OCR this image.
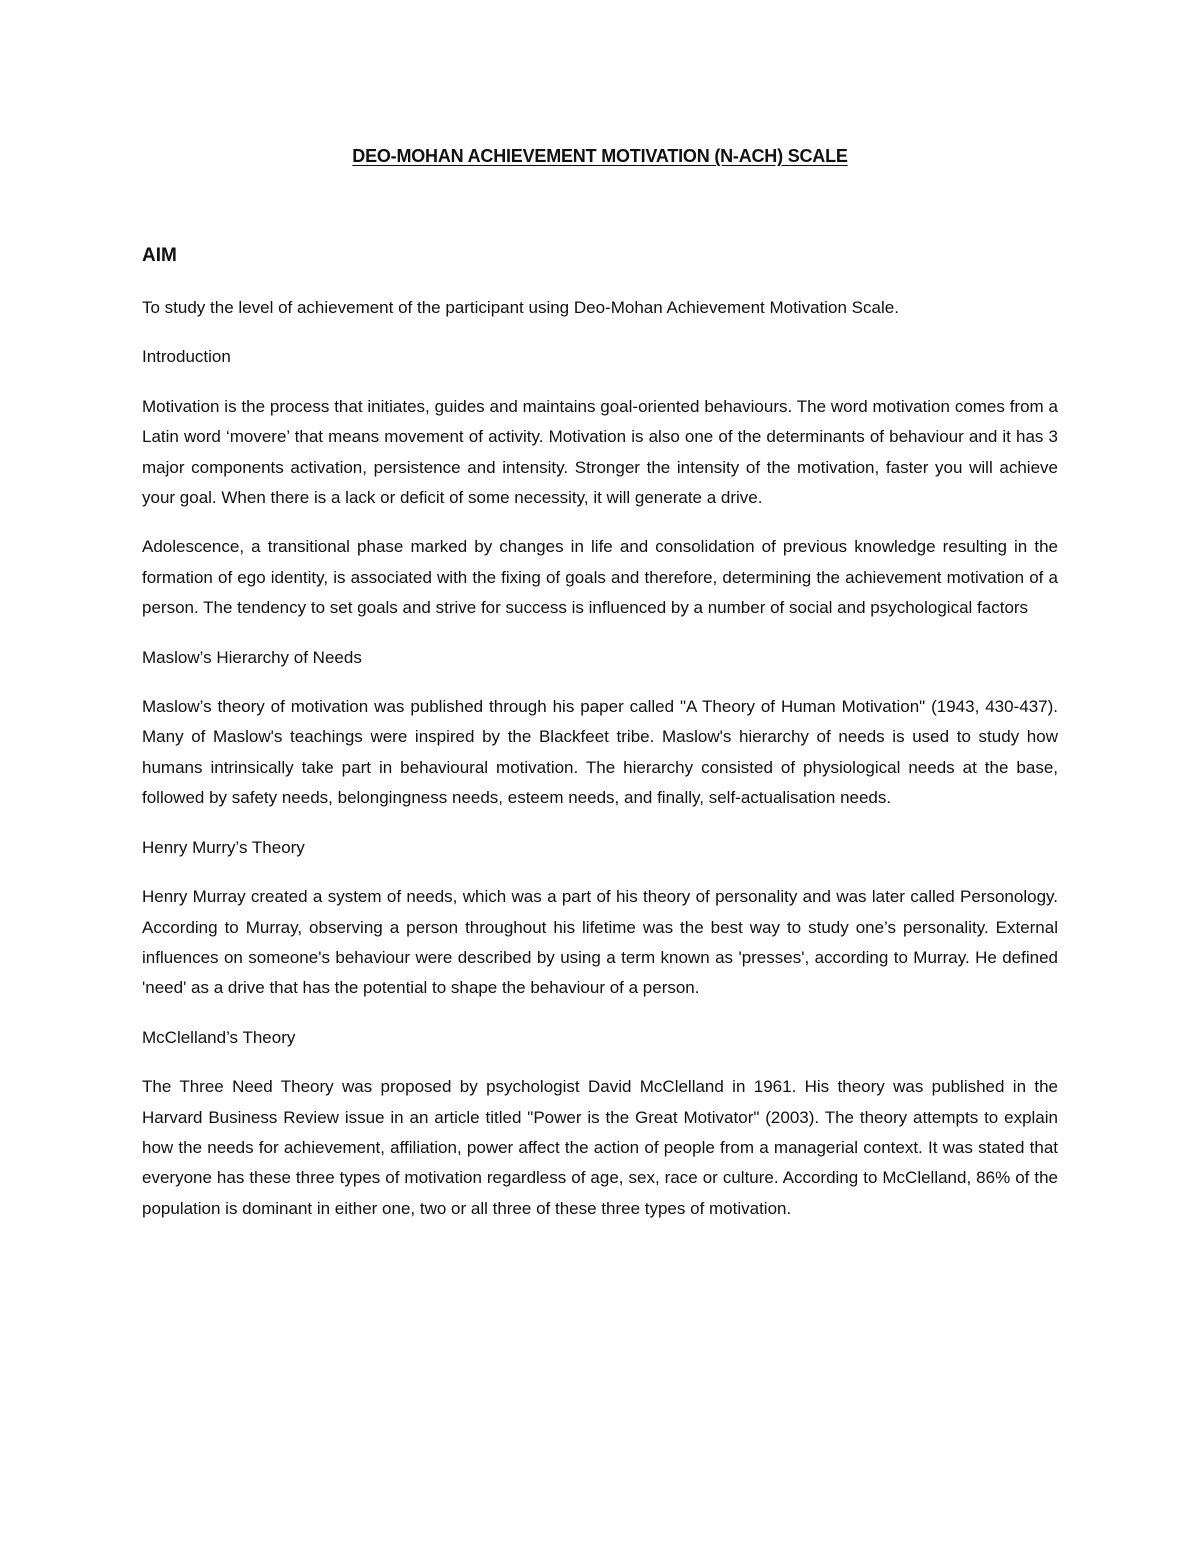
DEO-MOHAN ACHIEVEMENT MOTIVATION (N-ACH) SCALE
AIM

To study the level of achievement of the participant using Deo-Mohan Achievement Motivation Scale.

Introduction

Motivation is the process that initiates, guides and maintains goal-oriented behaviours. The word motivation comes from a Latin word ‘movere’ that means movement of activity. Motivation is also one of the determinants of behaviour and it has 3 major components activation, persistence and intensity. Stronger the intensity of the motivation, faster you will achieve your goal. When there is a lack or deficit of some necessity, it will generate a drive.

Adolescence, a transitional phase marked by changes in life and consolidation of previous knowledge resulting in the formation of ego identity, is associated with the fixing of goals and therefore, determining the achievement motivation of a person. The tendency to set goals and strive for success is influenced by a number of social and psychological factors

Maslow’s Hierarchy of Needs

Maslow’s theory of motivation was published through his paper called "A Theory of Human Motivation" (1943, 430-437). Many of Maslow's teachings were inspired by the Blackfeet tribe. Maslow's hierarchy of needs is used to study how humans intrinsically take part in behavioural motivation. The hierarchy consisted of physiological needs at the base, followed by safety needs, belongingness needs, esteem needs, and finally, self-actualisation needs.

Henry Murry’s Theory

Henry Murray created a system of needs, which was a part of his theory of personality and was later called Personology. According to Murray, observing a person throughout his lifetime was the best way to study one’s personality. External influences on someone's behaviour were described by using a term known as 'presses', according to Murray. He defined 'need' as a drive that has the potential to shape the behaviour of a person.

McClelland’s Theory

The Three Need Theory was proposed by psychologist David McClelland in 1961. His theory was published in the Harvard Business Review issue in an article titled "Power is the Great Motivator" (2003). The theory attempts to explain how the needs for achievement, affiliation, power affect the action of people from a managerial context. It was stated that everyone has these three types of motivation regardless of age, sex, race or culture. According to McClelland, 86% of the population is dominant in either one, two or all three of these three types of motivation.
